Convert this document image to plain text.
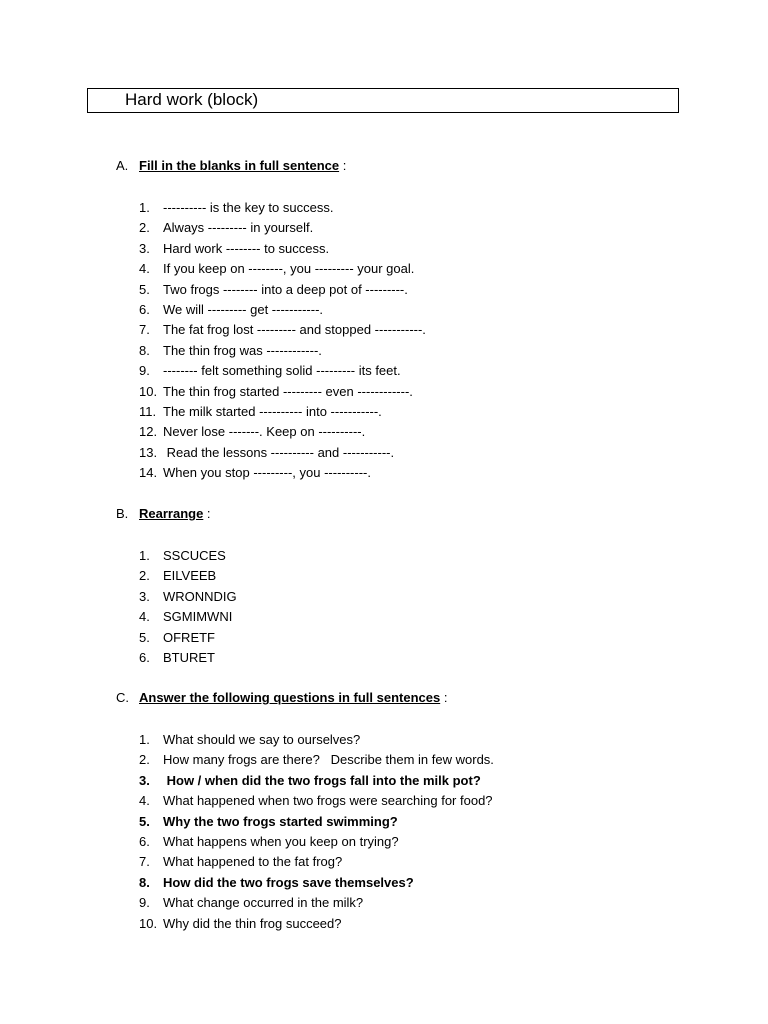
Hard work (block)
A. Fill in the blanks in full sentence :
1. ---------- is the key to success.
2. Always --------- in yourself.
3. Hard work -------- to success.
4. If you keep on --------, you --------- your goal.
5. Two frogs -------- into a deep pot of ---------.
6. We will --------- get -----------.
7. The fat frog lost --------- and stopped -----------.
8. The thin frog was ------------.
9. -------- felt something solid --------- its feet.
10. The thin frog started --------- even ------------.
11. The milk started ---------- into -----------.
12. Never lose -------. Keep on ----------.
13. Read the lessons ---------- and -----------.
14. When you stop ---------, you ----------.
B. Rearrange :
1. SSCUCES
2. EILVEEB
3. WRONNDIG
4. SGMIMWNI
5. OFRETF
6. BTURET
C. Answer the following questions in full sentences :
1. What should we say to ourselves?
2. How many frogs are there?   Describe them in few words.
3. How / when did the two frogs fall into the milk pot?
4. What happened when two frogs were searching for food?
5. Why the two frogs started swimming?
6. What happens when you keep on trying?
7. What happened to the fat frog?
8. How did the two frogs save themselves?
9. What change occurred in the milk?
10. Why did the thin frog succeed?
